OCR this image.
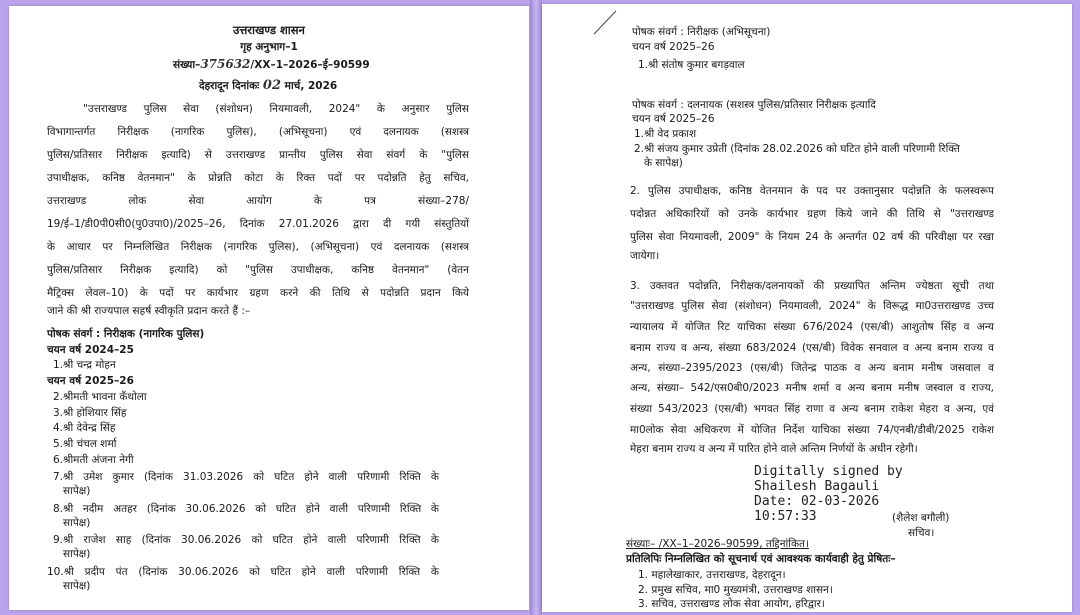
उत्तराखण्ड शासन
गृह अनुभाग–1
संख्या–375632/XX–1–2026–ई–90599
देहरादून दिनांकः 02 मार्च, 2026
"उत्तराखण्ड पुलिस सेवा (संशोधन) नियमावली, 2024" के अनुसार पुलिस
विभागान्तर्गत निरीक्षक (नागरिक पुलिस), (अभिसूचना) एवं दलनायक (सशस्त्र
पुलिस/प्रतिसार निरीक्षक इत्यादि) से उत्तराखण्ड प्रान्तीय पुलिस सेवा संवर्ग के "पुलिस
उपाधीक्षक, कनिष्ठ वेतनमान" के प्रोन्नति कोटा के रिक्त पदों पर पदोन्नति हेतु सचिव,
उत्तराखण्ड लोक सेवा आयोग के पत्र संख्या–278/
19/ई–1/डी0पी0सी0(पु0उपा0)/2025–26, दिनांक 27.01.2026 द्वारा दी गयी संस्तुतियों
के आधार पर निम्नलिखित निरीक्षक (नागरिक पुलिस), (अभिसूचना) एवं दलनायक (सशस्त्र
पुलिस/प्रतिसार निरीक्षक इत्यादि) को "पुलिस उपाधीक्षक, कनिष्ठ वेतनमान" (वेतन
मैट्रिक्स लेवल–10) के पदों पर कार्यभार ग्रहण करने की तिथि से पदोन्नति प्रदान किये
जाने की श्री राज्यपाल सहर्ष स्वीकृति प्रदान करते हैं :–
पोषक संवर्ग : निरीक्षक (नागरिक पुलिस)
चयन वर्ष 2024–25
1.श्री चन्द्र मोहन
चयन वर्ष 2025–26
2.श्रीमती भावना कँथोला
3.श्री होशियार सिंह
4.श्री देवेन्द्र सिंह
5.श्री चंचल शर्मा
6.श्रीमती अंजना नेगी
7.श्री उमेश कुमार (दिनांक 31.03.2026 को घटित होने वाली परिणामी रिक्ति के
सापेक्ष)
8.श्री नदीम अतहर (दिनांक 30.06.2026 को घटित होने वाली परिणामी रिक्ति के
सापेक्ष)
9.श्री राजेश साह (दिनांक 30.06.2026 को घटित होने वाली परिणामी रिक्ति के
सापेक्ष)
10.श्री प्रदीप पंत (दिनांक 30.06.2026 को घटित होने वाली परिणामी रिक्ति के
सापेक्ष)
पोषक संवर्ग : निरीक्षक (अभिसूचना)
चयन वर्ष 2025–26
1.श्री संतोष कुमार बगड़वाल
पोषक संवर्ग : दलनायक (सशस्त्र पुलिस/प्रतिसार निरीक्षक इत्यादि
चयन वर्ष 2025–26
1.श्री वेद प्रकाश
2.श्री संजय कुमार उप्रेती (दिनांक 28.02.2026 को घटित होने वाली परिणामी रिक्ति
के सापेक्ष)
2. पुलिस उपाधीक्षक, कनिष्ठ वेतनमान के पद पर उक्तानुसार पदोन्नति के फलस्वरूप
पदोन्नत अधिकारियों को उनके कार्यभार ग्रहण किये जाने की तिथि से "उत्तराखण्ड
पुलिस सेवा नियमावली, 2009" के नियम 24 के अन्तर्गत 02 वर्ष की परिवीक्षा पर रखा
जायेगा।
3. उक्तवत पदोन्नति, निरीक्षक/दलनायकों की प्रख्यापित अन्तिम ज्येष्ठता सूची तथा
"उत्तराखण्ड पुलिस सेवा (संशोधन) नियमावली, 2024" के विरूद्ध मा0उत्तराखण्ड उच्च
न्यायालय में योजित रिट याचिका संख्या 676/2024 (एस/बी) आशुतोष सिंह व अन्य
बनाम राज्य व अन्य, संख्या 683/2024 (एस/बी) विवेक सनवाल व अन्य बनाम राज्य व
अन्य, संख्या–2395/2023 (एस/बी) जितेन्द्र पाठक व अन्य बनाम मनीष जसवाल व
अन्य, संख्या– 542/एस0बी0/2023 मनीष शर्मा व अन्य बनाम मनीष जस्वाल व राज्य,
संख्या 543/2023 (एस/बी) भगवत सिंह राणा व अन्य बनाम राकेश मेहरा व अन्य, एवं
मा0लोक सेवा अधिकरण में योजित निर्देश याचिका संख्या 74/एनबी/डीबी/2025 राकेश
मेहरा बनाम राज्य व अन्य में पारित होने वाले अन्तिम निर्णयों के अधीन रहेगी।
Digitally signed by
Shailesh Bagauli
Date: 02-03-2026
10:57:33	(शैलेश बगौली)
सचिव।
संख्याः– /XX–1–2026–90599, तद्दिनांकित।
प्रतिलिपिः निम्नलिखित को सूचनार्थ एवं आवश्यक कार्यवाही हेतु प्रेषितः–
1. महालेखाकार, उत्तराखण्ड, देहरादून।
2. प्रमुख सचिव, मा0 मुख्यमंत्री, उत्तराखण्ड शासन।
3. सचिव, उत्तराखण्ड लोक सेवा आयोग, हरिद्वार।
